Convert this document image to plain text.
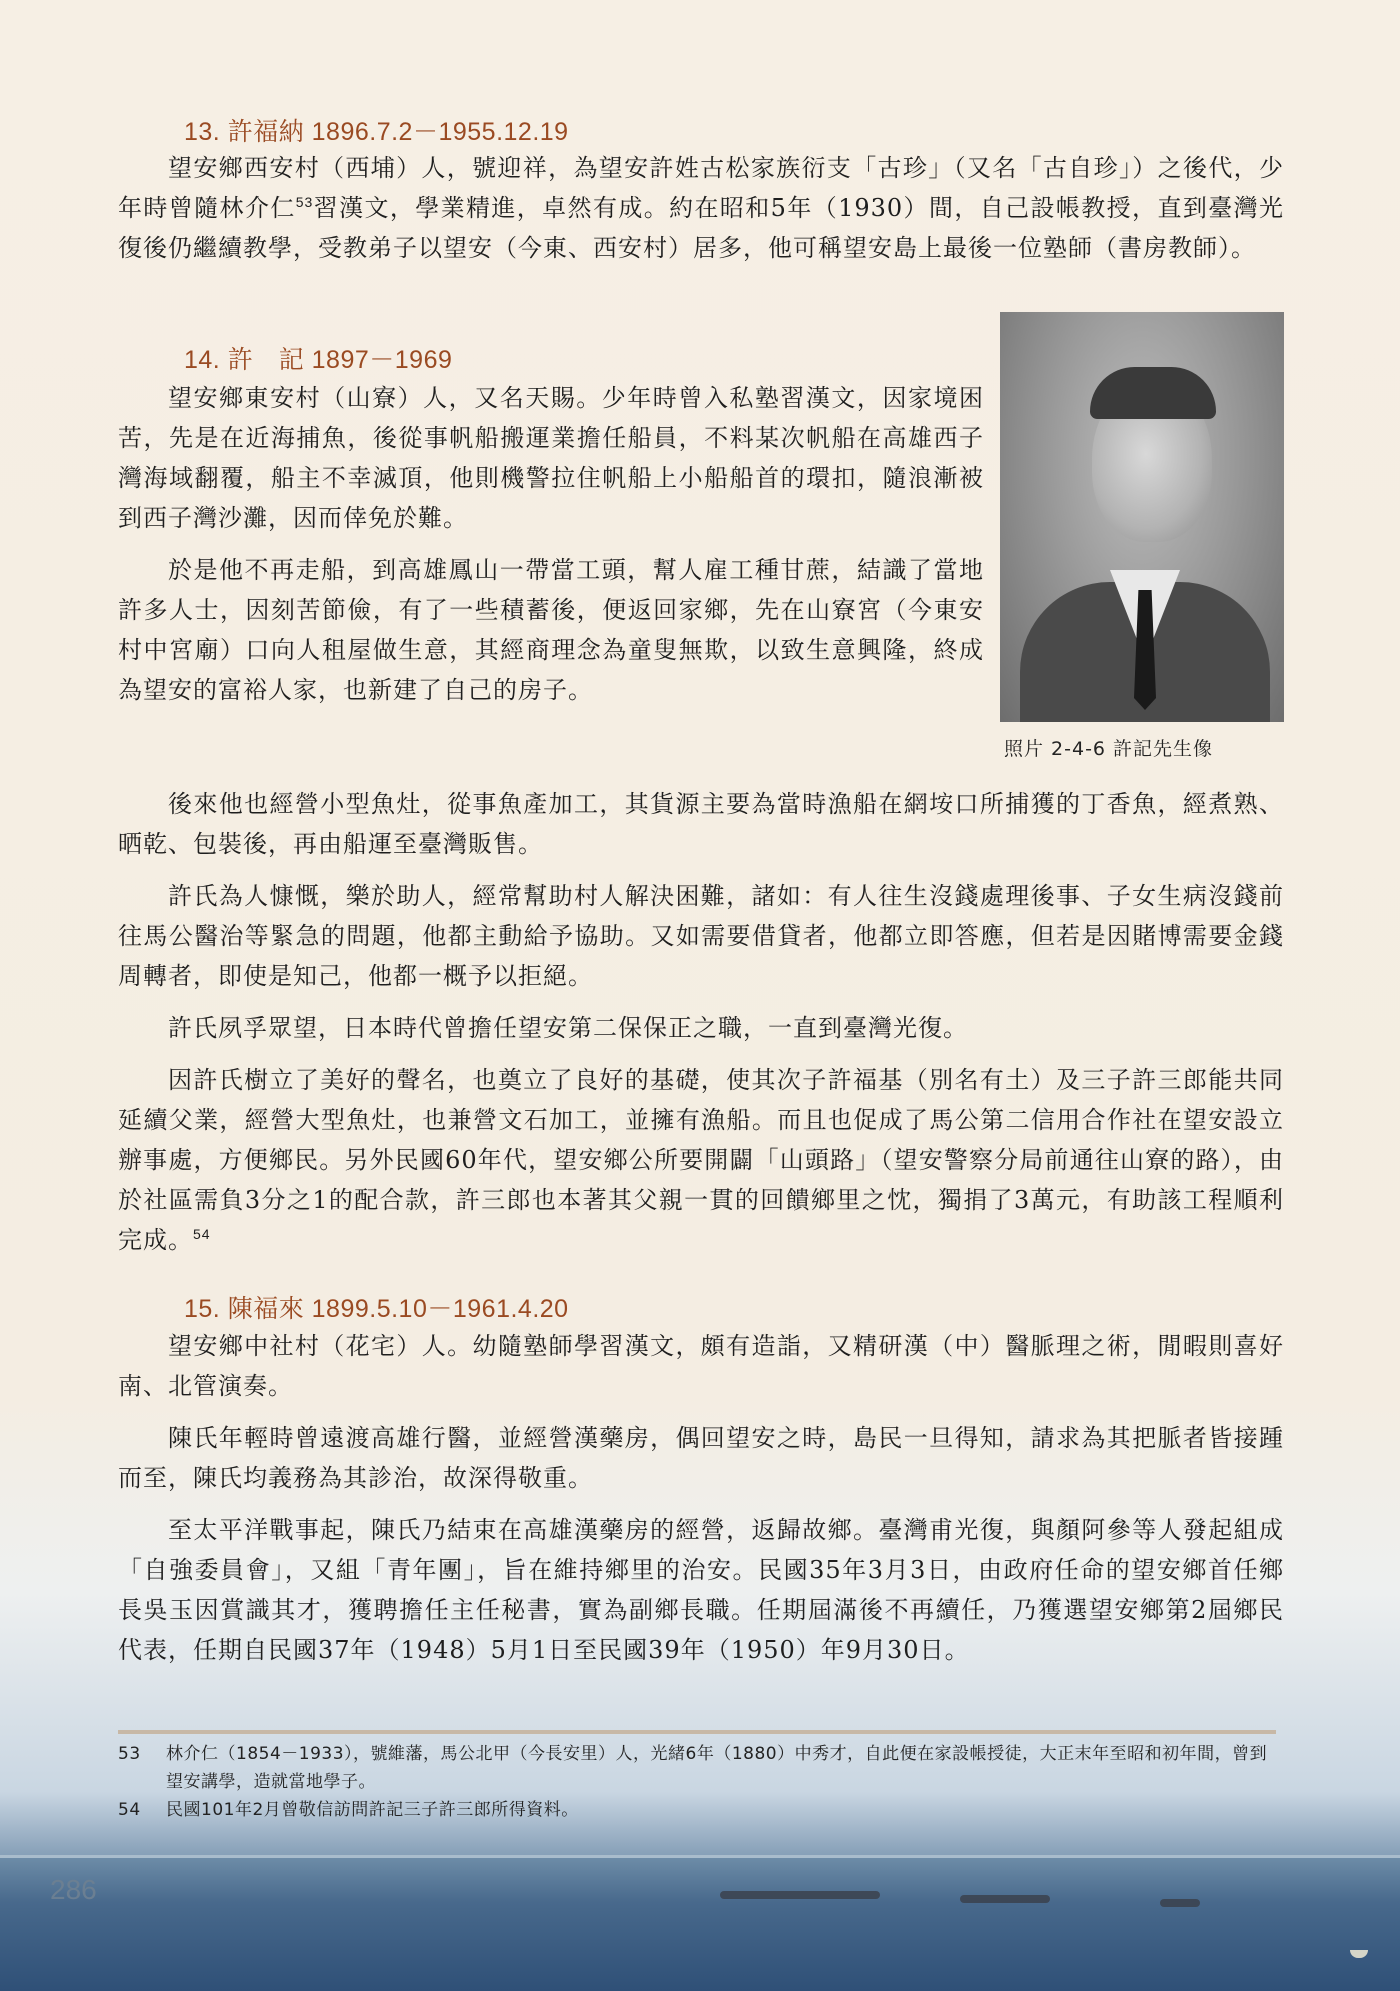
13. 許福納 1896.7.2－1955.12.19

望安鄉西安村（西埔）人，號迎祥，為望安許姓古松家族衍支「古珍」（又名「古自珍」）之後代，少年時曾隨林介仁$^{53}$習漢文，學業精進，卓然有成。約在昭和5年（1930）間，自己設帳教授，直到臺灣光復後仍繼續教學，受教弟子以望安（今東、西安村）居多，他可稱望安島上最後一位塾師（書房教師）。

14. 許　記 1897－1969

望安鄉東安村（山寮）人，又名天賜。少年時曾入私塾習漢文，因家境困苦，先是在近海捕魚，後從事帆船搬運業擔任船員，不料某次帆船在高雄西子灣海域翻覆，船主不幸滅頂，他則機警拉住帆船上小船船首的環扣，隨浪漸被到西子灣沙灘，因而倖免於難。

於是他不再走船，到高雄鳳山一帶當工頭，幫人雇工種甘蔗，結識了當地許多人士，因刻苦節儉，有了一些積蓄後，便返回家鄉，先在山寮宮（今東安村中宮廟）口向人租屋做生意，其經商理念為童叟無欺，以致生意興隆，終成為望安的富裕人家，也新建了自己的房子。

照片 2-4-6 許記先生像

後來他也經營小型魚灶，從事魚產加工，其貨源主要為當時漁船在網垵口所捕獲的丁香魚，經煮熟、晒乾、包裝後，再由船運至臺灣販售。

許氏為人慷慨，樂於助人，經常幫助村人解決困難，諸如：有人往生沒錢處理後事、子女生病沒錢前往馬公醫治等緊急的問題，他都主動給予協助。又如需要借貸者，他都立即答應，但若是因賭博需要金錢周轉者，即使是知己，他都一概予以拒絕。

許氏夙孚眾望，日本時代曾擔任望安第二保保正之職，一直到臺灣光復。

因許氏樹立了美好的聲名，也奠立了良好的基礎，使其次子許福基（別名有土）及三子許三郎能共同延續父業，經營大型魚灶，也兼營文石加工，並擁有漁船。而且也促成了馬公第二信用合作社在望安設立辦事處，方便鄉民。另外民國60年代，望安鄉公所要開闢「山頭路」（望安警察分局前通往山寮的路），由於社區需負3分之1的配合款，許三郎也本著其父親一貫的回饋鄉里之忱，獨捐了3萬元，有助該工程順利完成。$^{54}$

15. 陳福來 1899.5.10－1961.4.20

望安鄉中社村（花宅）人。幼隨塾師學習漢文，頗有造詣，又精研漢（中）醫脈理之術，閒暇則喜好南、北管演奏。

陳氏年輕時曾遠渡高雄行醫，並經營漢藥房，偶回望安之時，島民一旦得知，請求為其把脈者皆接踵而至，陳氏均義務為其診治，故深得敬重。

至太平洋戰事起，陳氏乃結束在高雄漢藥房的經營，返歸故鄉。臺灣甫光復，與顏阿參等人發起組成「自強委員會」，又組「青年團」，旨在維持鄉里的治安。民國35年3月3日，由政府任命的望安鄉首任鄉長吳玉因賞識其才，獲聘擔任主任秘書，實為副鄉長職。任期屆滿後不再續任，乃獲選望安鄉第2屆鄉民代表，任期自民國37年（1948）5月1日至民國39年（1950）年9月30日。

53	林介仁（1854－1933），號維藩，馬公北甲（今長安里）人，光緒6年（1880）中秀才，自此便在家設帳授徒，大正末年至昭和初年間，曾到望安講學，造就當地學子。
54	民國101年2月曾敬信訪問許記三子許三郎所得資料。
286
